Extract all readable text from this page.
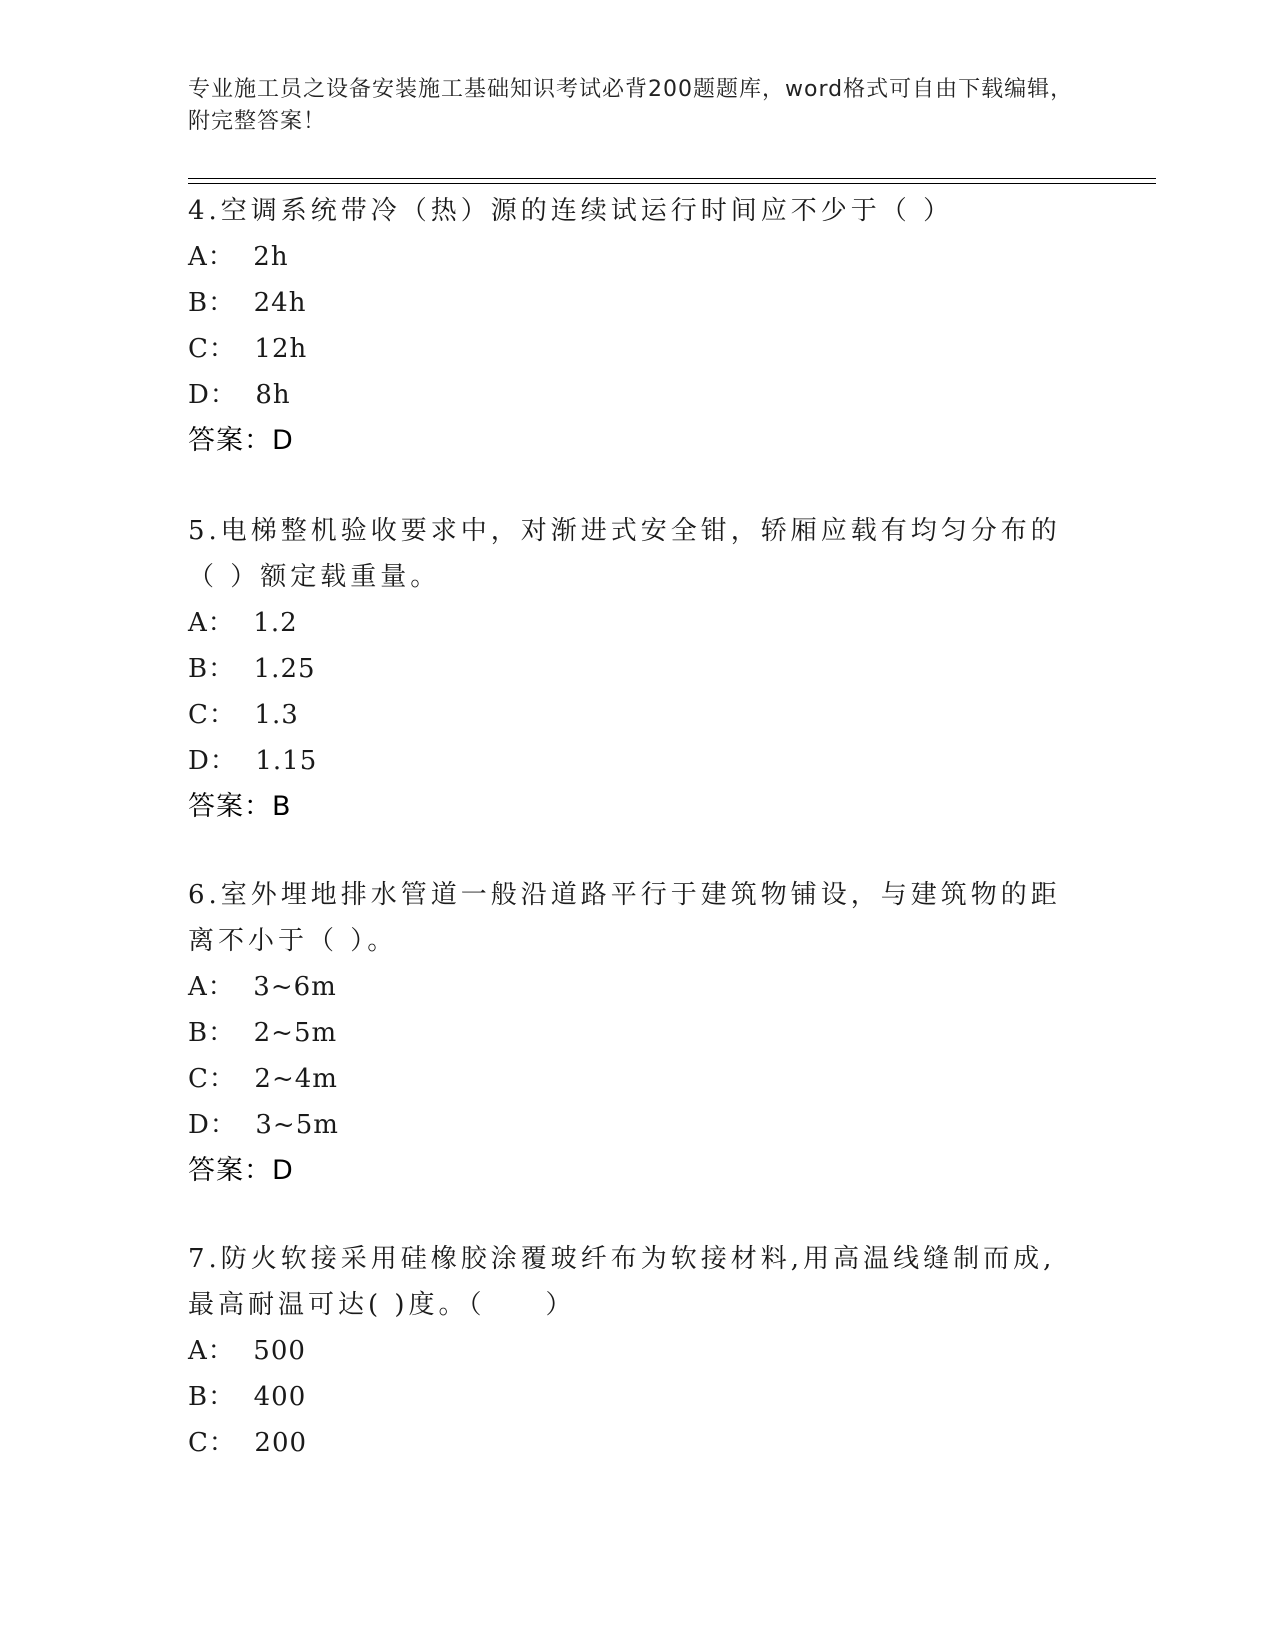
专业施工员之设备安装施工基础知识考试必背200题题库，word格式可自由下载编辑，附完整答案！
4.空调系统带冷（热）源的连续试运行时间应不少于（ ）
A：  2h
B：  24h
C：  12h
D：  8h
答案：D
5.电梯整机验收要求中，对渐进式安全钳，轿厢应载有均匀分布的（ ）额定载重量。
A：  1.2
B：  1.25
C：  1.3
D：  1.15
答案：B
6.室外埋地排水管道一般沿道路平行于建筑物铺设，与建筑物的距离不小于（ ）。
A：  3~6m
B：  2~5m
C：  2~4m
D：  3~5m
答案：D
7.防火软接采用硅橡胶涂覆玻纤布为软接材料,用高温线缝制而成,最高耐温可达( )度。（　　）
A：  500
B：  400
C：  200
